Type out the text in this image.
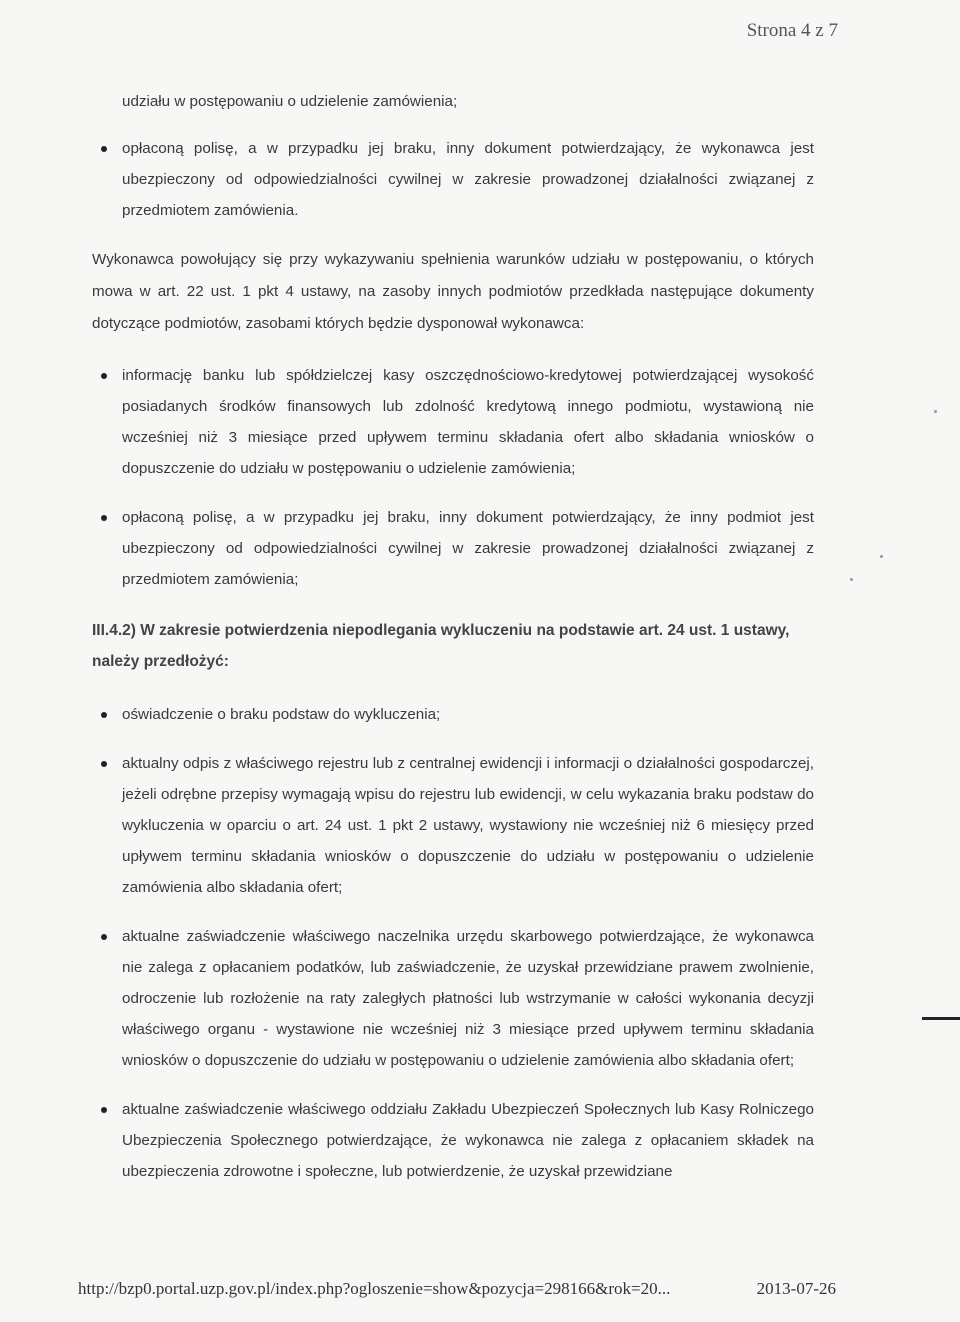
Strona 4 z 7

udziału w postępowaniu o udzielenie zamówienia;

opłaconą polisę, a w przypadku jej braku, inny dokument potwierdzający, że wykonawca jest ubezpieczony od odpowiedzialności cywilnej w zakresie prowadzonej działalności związanej z przedmiotem zamówienia.

Wykonawca powołujący się przy wykazywaniu spełnienia warunków udziału w postępowaniu, o których mowa w art. 22 ust. 1 pkt 4 ustawy, na zasoby innych podmiotów przedkłada następujące dokumenty dotyczące podmiotów, zasobami których będzie dysponował wykonawca:

informację banku lub spółdzielczej kasy oszczędnościowo-kredytowej potwierdzającej wysokość posiadanych środków finansowych lub zdolność kredytową innego podmiotu, wystawioną nie wcześniej niż 3 miesiące przed upływem terminu składania ofert albo składania wniosków o dopuszczenie do udziału w postępowaniu o udzielenie zamówienia;

opłaconą polisę, a w przypadku jej braku, inny dokument potwierdzający, że inny podmiot jest ubezpieczony od odpowiedzialności cywilnej w zakresie prowadzonej działalności związanej z przedmiotem zamówienia;

III.4.2) W zakresie potwierdzenia niepodlegania wykluczeniu na podstawie art. 24 ust. 1 ustawy, należy przedłożyć:

oświadczenie o braku podstaw do wykluczenia;

aktualny odpis z właściwego rejestru lub z centralnej ewidencji i informacji o działalności gospodarczej, jeżeli odrębne przepisy wymagają wpisu do rejestru lub ewidencji, w celu wykazania braku podstaw do wykluczenia w oparciu o art. 24 ust. 1 pkt 2 ustawy, wystawiony nie wcześniej niż 6 miesięcy przed upływem terminu składania wniosków o dopuszczenie do udziału w postępowaniu o udzielenie zamówienia albo składania ofert;

aktualne zaświadczenie właściwego naczelnika urzędu skarbowego potwierdzające, że wykonawca nie zalega z opłacaniem podatków, lub zaświadczenie, że uzyskał przewidziane prawem zwolnienie, odroczenie lub rozłożenie na raty zaległych płatności lub wstrzymanie w całości wykonania decyzji właściwego organu - wystawione nie wcześniej niż 3 miesiące przed upływem terminu składania wniosków o dopuszczenie do udziału w postępowaniu o udzielenie zamówienia albo składania ofert;

aktualne zaświadczenie właściwego oddziału Zakładu Ubezpieczeń Społecznych lub Kasy Rolniczego Ubezpieczenia Społecznego potwierdzające, że wykonawca nie zalega z opłacaniem składek na ubezpieczenia zdrowotne i społeczne, lub potwierdzenie, że uzyskał przewidziane

http://bzp0.portal.uzp.gov.pl/index.php?ogloszenie=show&pozycja=298166&rok=20...	2013-07-26
